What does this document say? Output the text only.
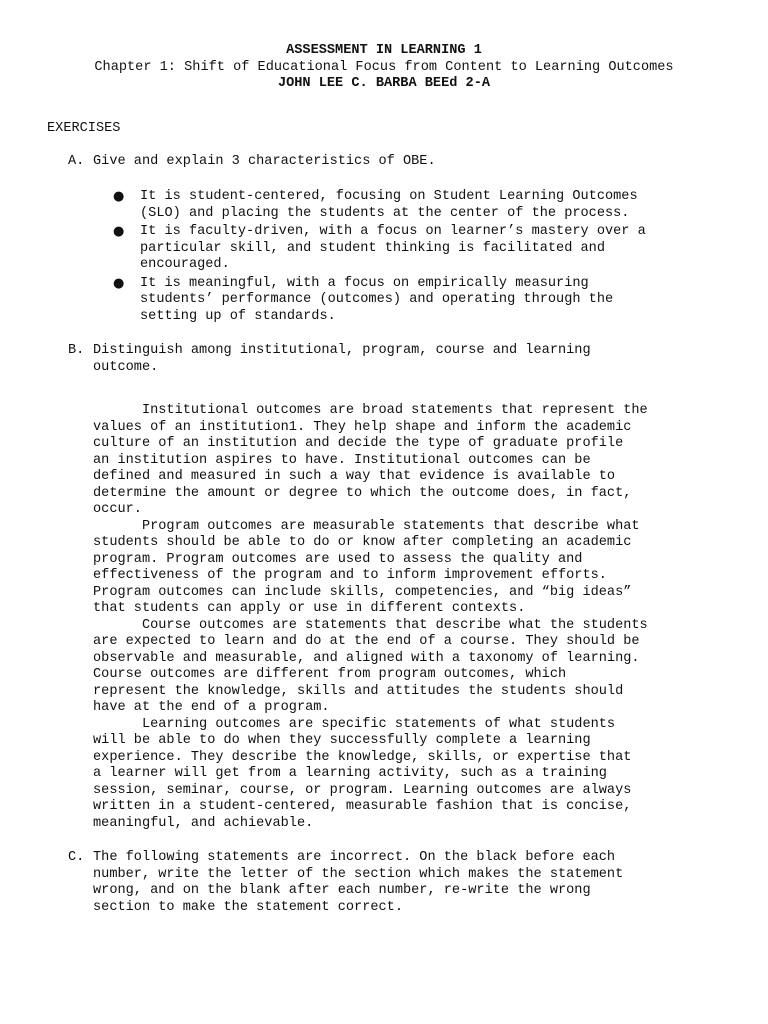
ASSESSMENT IN LEARNING 1
Chapter 1: Shift of Educational Focus from Content to Learning Outcomes
JOHN LEE C. BARBA BEEd 2-A
EXERCISES
A. Give and explain 3 characteristics of OBE.
● It is student-centered, focusing on Student Learning Outcomes
(SLO) and placing the students at the center of the process.
● It is faculty-driven, with a focus on learner’s mastery over a
particular skill, and student thinking is facilitated and
encouraged.
● It is meaningful, with a focus on empirically measuring
students’ performance (outcomes) and operating through the
setting up of standards.
B. Distinguish among institutional, program, course and learning
outcome.
Institutional outcomes are broad statements that represent the
values of an institution1. They help shape and inform the academic
culture of an institution and decide the type of graduate profile
an institution aspires to have. Institutional outcomes can be
defined and measured in such a way that evidence is available to
determine the amount or degree to which the outcome does, in fact,
occur.
Program outcomes are measurable statements that describe what
students should be able to do or know after completing an academic
program. Program outcomes are used to assess the quality and
effectiveness of the program and to inform improvement efforts.
Program outcomes can include skills, competencies, and “big ideas”
that students can apply or use in different contexts.
Course outcomes are statements that describe what the students
are expected to learn and do at the end of a course. They should be
observable and measurable, and aligned with a taxonomy of learning.
Course outcomes are different from program outcomes, which
represent the knowledge, skills and attitudes the students should
have at the end of a program.
Learning outcomes are specific statements of what students
will be able to do when they successfully complete a learning
experience. They describe the knowledge, skills, or expertise that
a learner will get from a learning activity, such as a training
session, seminar, course, or program. Learning outcomes are always
written in a student-centered, measurable fashion that is concise,
meaningful, and achievable.
C. The following statements are incorrect. On the black before each
number, write the letter of the section which makes the statement
wrong, and on the blank after each number, re-write the wrong
section to make the statement correct.
